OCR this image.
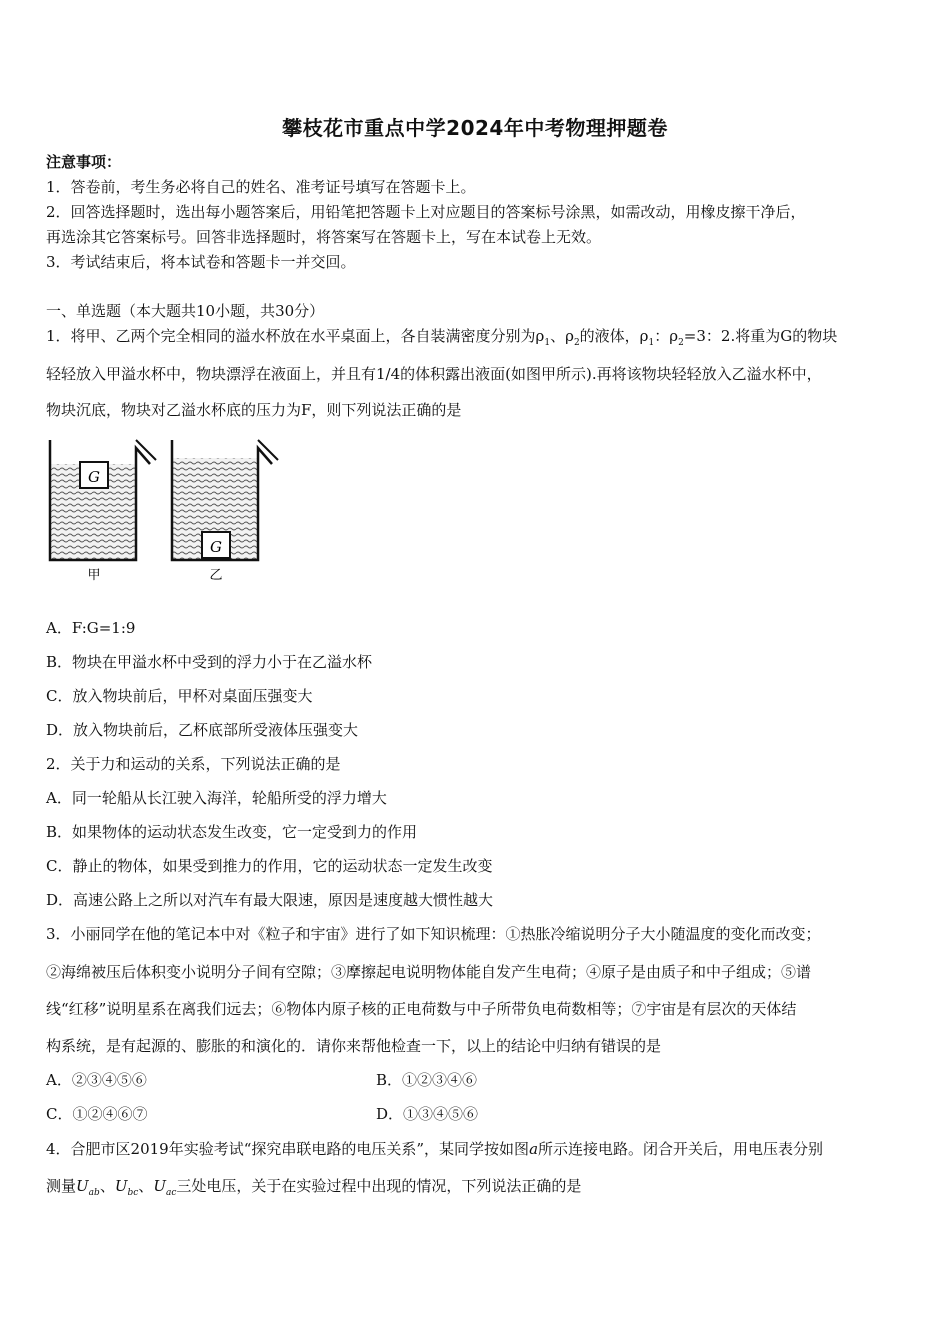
攀枝花市重点中学2024年中考物理押题卷
注意事项：
1．答卷前，考生务必将自己的姓名、准考证号填写在答题卡上。
2．回答选择题时，选出每小题答案后，用铅笔把答题卡上对应题目的答案标号涂黑，如需改动，用橡皮擦干净后，
再选涂其它答案标号。回答非选择题时，将答案写在答题卡上，写在本试卷上无效。
3．考试结束后，将本试卷和答题卡一并交回。
一、单选题（本大题共10小题，共30分）
1．将甲、乙两个完全相同的溢水杯放在水平桌面上，各自装满密度分别为$\rho_1$、$\rho_2$的液体，$\rho_1$：$\rho_2=3$：2.将重为G的物块
轻轻放入甲溢水杯中，物块漂浮在液面上，并且有1/4的体积露出液面(如图甲所示).再将该物块轻轻放入乙溢水杯中，
物块沉底，物块对乙溢水杯底的压力为F，则下列说法正确的是
G
甲
G
乙
A．F:G=1:9
B．物块在甲溢水杯中受到的浮力小于在乙溢水杯
C．放入物块前后，甲杯对桌面压强变大
D．放入物块前后，乙杯底部所受液体压强变大
2．关于力和运动的关系，下列说法正确的是
A．同一轮船从长江驶入海洋，轮船所受的浮力增大
B．如果物体的运动状态发生改变，它一定受到力的作用
C．静止的物体，如果受到推力的作用，它的运动状态一定发生改变
D．高速公路上之所以对汽车有最大限速，原因是速度越大惯性越大
3．小丽同学在他的笔记本中对《粒子和宇宙》进行了如下知识梳理：①热胀冷缩说明分子大小随温度的变化而改变；
②海绵被压后体积变小说明分子间有空隙；③摩擦起电说明物体能自发产生电荷；④原子是由质子和中子组成；⑤谱
线“红移”说明星系在离我们远去；⑥物体内原子核的正电荷数与中子所带负电荷数相等；⑦宇宙是有层次的天体结
构系统，是有起源的、膨胀的和演化的．请你来帮他检查一下，以上的结论中归纳有错误的是
A．②③④⑤⑥	B．①②③④⑥
C．①②④⑥⑦	D．①③④⑤⑥
4．合肥市区2019年实验考试“探究串联电路的电压关系”，某同学按如图a所示连接电路。闭合开关后，用电压表分别
测量$U_{ab}$、$U_{bc}$、$U_{ac}$三处电压，关于在实验过程中出现的情况，下列说法正确的是
